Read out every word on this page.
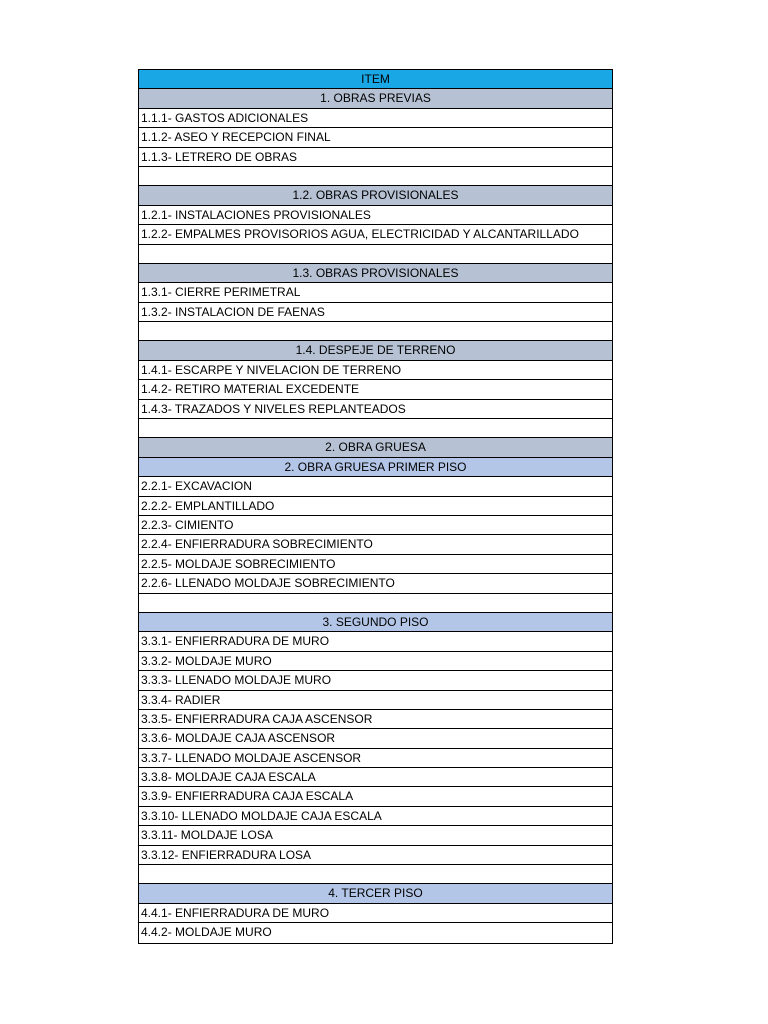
ITEM
1. OBRAS PREVIAS
1.1.1- GASTOS ADICIONALES
1.1.2- ASEO Y RECEPCION FINAL
1.1.3- LETRERO DE OBRAS
1.2. OBRAS PROVISIONALES
1.2.1- INSTALACIONES PROVISIONALES
1.2.2- EMPALMES PROVISORIOS AGUA, ELECTRICIDAD Y ALCANTARILLADO
1.3. OBRAS PROVISIONALES
1.3.1- CIERRE PERIMETRAL
1.3.2- INSTALACION DE FAENAS
1.4. DESPEJE DE TERRENO
1.4.1- ESCARPE Y NIVELACION DE TERRENO
1.4.2- RETIRO MATERIAL EXCEDENTE
1.4.3- TRAZADOS Y NIVELES REPLANTEADOS
2. OBRA GRUESA
2. OBRA GRUESA PRIMER PISO
2.2.1- EXCAVACION
2.2.2- EMPLANTILLADO
2.2.3- CIMIENTO
2.2.4- ENFIERRADURA SOBRECIMIENTO
2.2.5- MOLDAJE SOBRECIMIENTO
2.2.6- LLENADO MOLDAJE SOBRECIMIENTO
3. SEGUNDO PISO
3.3.1- ENFIERRADURA DE MURO
3.3.2- MOLDAJE MURO
3.3.3- LLENADO MOLDAJE MURO
3.3.4- RADIER
3.3.5- ENFIERRADURA CAJA ASCENSOR
3.3.6- MOLDAJE CAJA ASCENSOR
3.3.7- LLENADO MOLDAJE ASCENSOR
3.3.8- MOLDAJE CAJA ESCALA
3.3.9- ENFIERRADURA CAJA ESCALA
3.3.10- LLENADO MOLDAJE CAJA ESCALA
3.3.11- MOLDAJE LOSA
3.3.12- ENFIERRADURA LOSA
4. TERCER PISO
4.4.1- ENFIERRADURA DE MURO
4.4.2- MOLDAJE MURO
